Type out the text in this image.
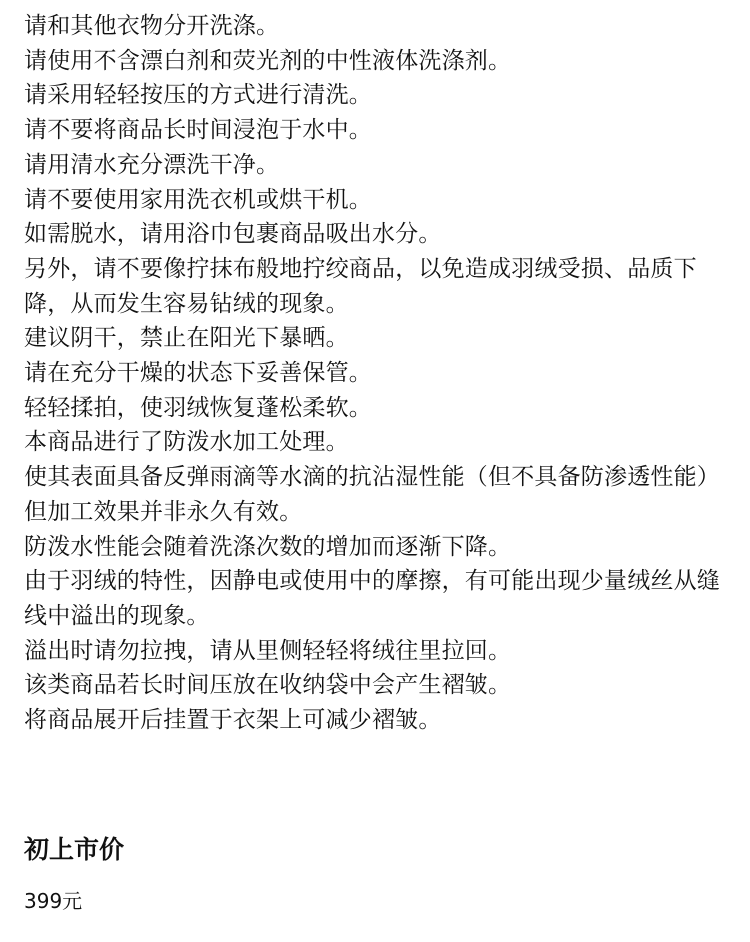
请和其他衣物分开洗涤。
请使用不含漂白剂和荧光剂的中性液体洗涤剂。
请采用轻轻按压的方式进行清洗。
请不要将商品长时间浸泡于水中。
请用清水充分漂洗干净。
请不要使用家用洗衣机或烘干机。
如需脱水，请用浴巾包裹商品吸出水分。
另外，请不要像拧抹布般地拧绞商品，以免造成羽绒受损、品质下降，从而发生容易钻绒的现象。
建议阴干，禁止在阳光下暴晒。
请在充分干燥的状态下妥善保管。
轻轻揉拍，使羽绒恢复蓬松柔软。
本商品进行了防泼水加工处理。
使其表面具备反弹雨滴等水滴的抗沾湿性能（但不具备防渗透性能）但加工效果并非永久有效。
防泼水性能会随着洗涤次数的增加而逐渐下降。
由于羽绒的特性，因静电或使用中的摩擦，有可能出现少量绒丝从缝线中溢出的现象。
溢出时请勿拉拽，请从里侧轻轻将绒往里拉回。
该类商品若长时间压放在收纳袋中会产生褶皱。
将商品展开后挂置于衣架上可减少褶皱。
初上市价

399元
